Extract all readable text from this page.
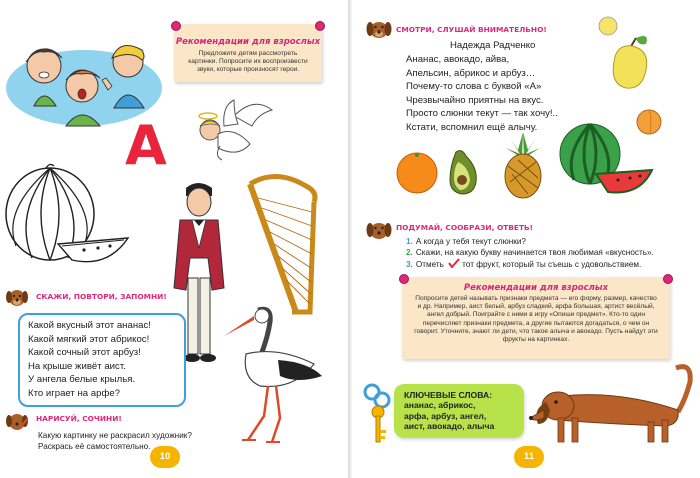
Рекомендации для взрослых
Предложите детям рассмотреть картинки. Попросите их воспроизвести звуки, которые произносят герои.
А
СКАЖИ, ПОВТОРИ, ЗАПОМНИ!
Какой вкусный этот ананас!
Какой мягкий этот абрикос!
Какой сочный этот арбуз!
На крыше живёт аист.
У ангела белые крылья.
Кто играет на арфе?
НАРИСУЙ, СОЧИНИ!
Какую картинку не раскрасил художник?
Раскрась её самостоятельно.
10
СМОТРИ, СЛУШАЙ ВНИМАТЕЛЬНО!
Надежда Радченко
Ананас, авокадо, айва,
Апельсин, абрикос и арбуз…
Почему-то слова с буквой «А»
Чрезвычайно приятны на вкус.
Просто слюнки текут — так хочу!..
Кстати, вспомнил ещё алычу.
ПОДУМАЙ, СООБРАЗИ, ОТВЕТЬ!
1. А когда у тебя текут слюнки?
2. Скажи, на какую букву начинается твоя любимая «вкусность».
3. Отметь тот фрукт, который ты съешь с удовольствием.
Рекомендации для взрослых
Попросите детей называть признаки предмета — его форму, размер, качество и др. Например, аист белый, арбуз сладкий, арфа большая, артист весёлый, ангел добрый. Поиграйте с ними в игру «Опиши предмет». Кто-то один перечисляет признаки предмета, а другие пытаются догадаться, о чем он говорит. Уточните, знают ли дети, что такое алыча и авокадо. Пусть найдут эти фрукты на картинках.
КЛЮЧЕВЫЕ СЛОВА:
ананас, абрикос,
арфа, арбуз, ангел,
аист, авокадо, алыча
11
